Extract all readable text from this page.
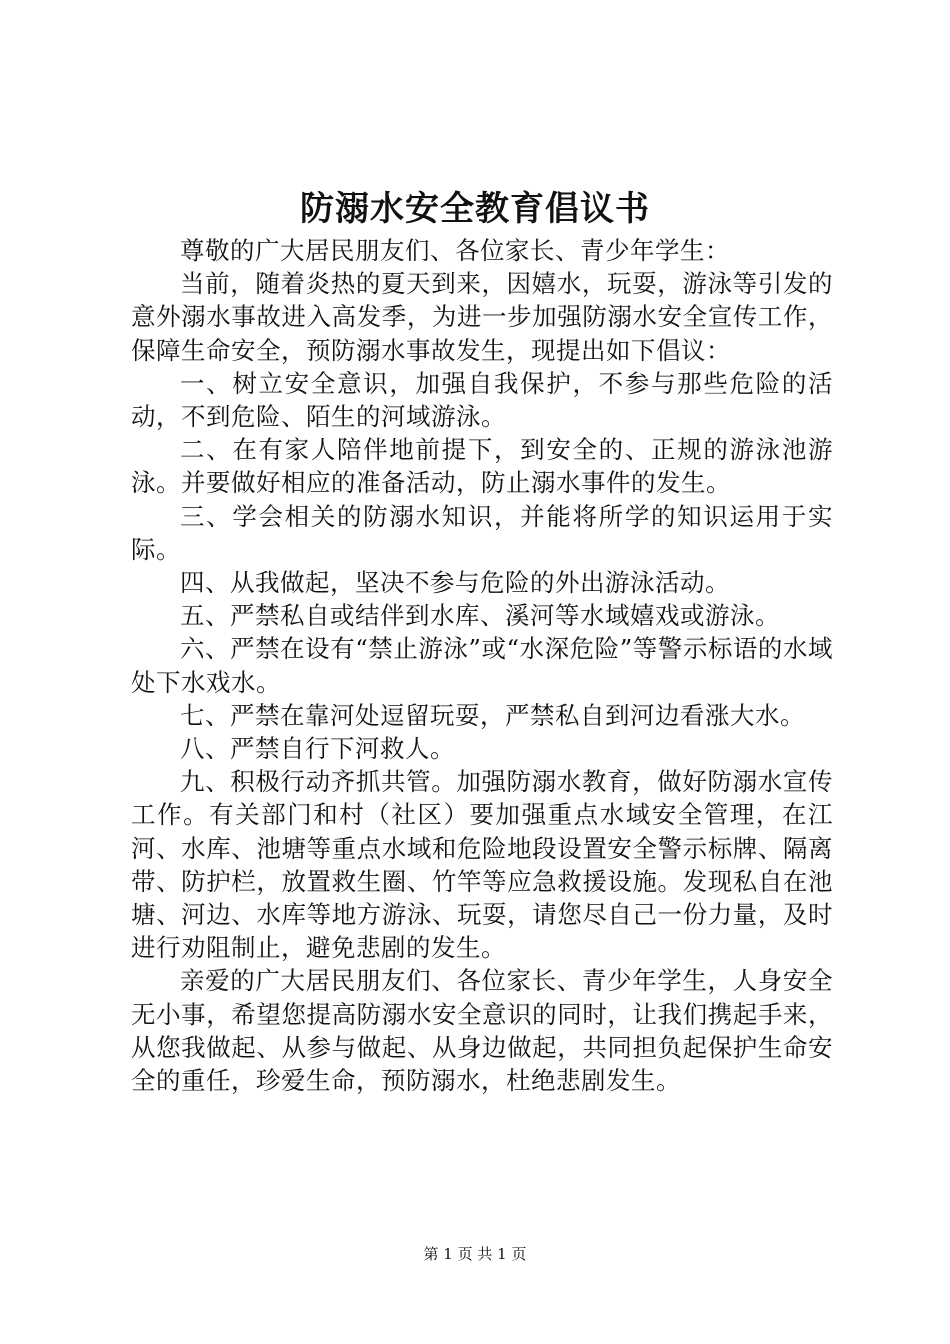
防溺水安全教育倡议书

尊敬的广大居民朋友们、各位家长、青少年学生：

当前，随着炎热的夏天到来，因嬉水，玩耍，游泳等引发的意外溺水事故进入高发季，为进一步加强防溺水安全宣传工作，保障生命安全，预防溺水事故发生，现提出如下倡议：

一、树立安全意识，加强自我保护，不参与那些危险的活动，不到危险、陌生的河域游泳。

二、在有家人陪伴地前提下，到安全的、正规的游泳池游泳。并要做好相应的准备活动，防止溺水事件的发生。

三、学会相关的防溺水知识，并能将所学的知识运用于实际。

四、从我做起，坚决不参与危险的外出游泳活动。

五、严禁私自或结伴到水库、溪河等水域嬉戏或游泳。

六、严禁在设有“禁止游泳”或“水深危险”等警示标语的水域处下水戏水。

七、严禁在靠河处逗留玩耍，严禁私自到河边看涨大水。

八、严禁自行下河救人。

九、积极行动齐抓共管。加强防溺水教育，做好防溺水宣传工作。有关部门和村（社区）要加强重点水域安全管理，在江河、水库、池塘等重点水域和危险地段设置安全警示标牌、隔离带、防护栏，放置救生圈、竹竿等应急救援设施。发现私自在池塘、河边、水库等地方游泳、玩耍，请您尽自己一份力量，及时进行劝阻制止，避免悲剧的发生。

亲爱的广大居民朋友们、各位家长、青少年学生，人身安全无小事，希望您提高防溺水安全意识的同时，让我们携起手来，从您我做起、从参与做起、从身边做起，共同担负起保护生命安全的重任，珍爱生命，预防溺水，杜绝悲剧发生。

第 1 页 共 1 页
